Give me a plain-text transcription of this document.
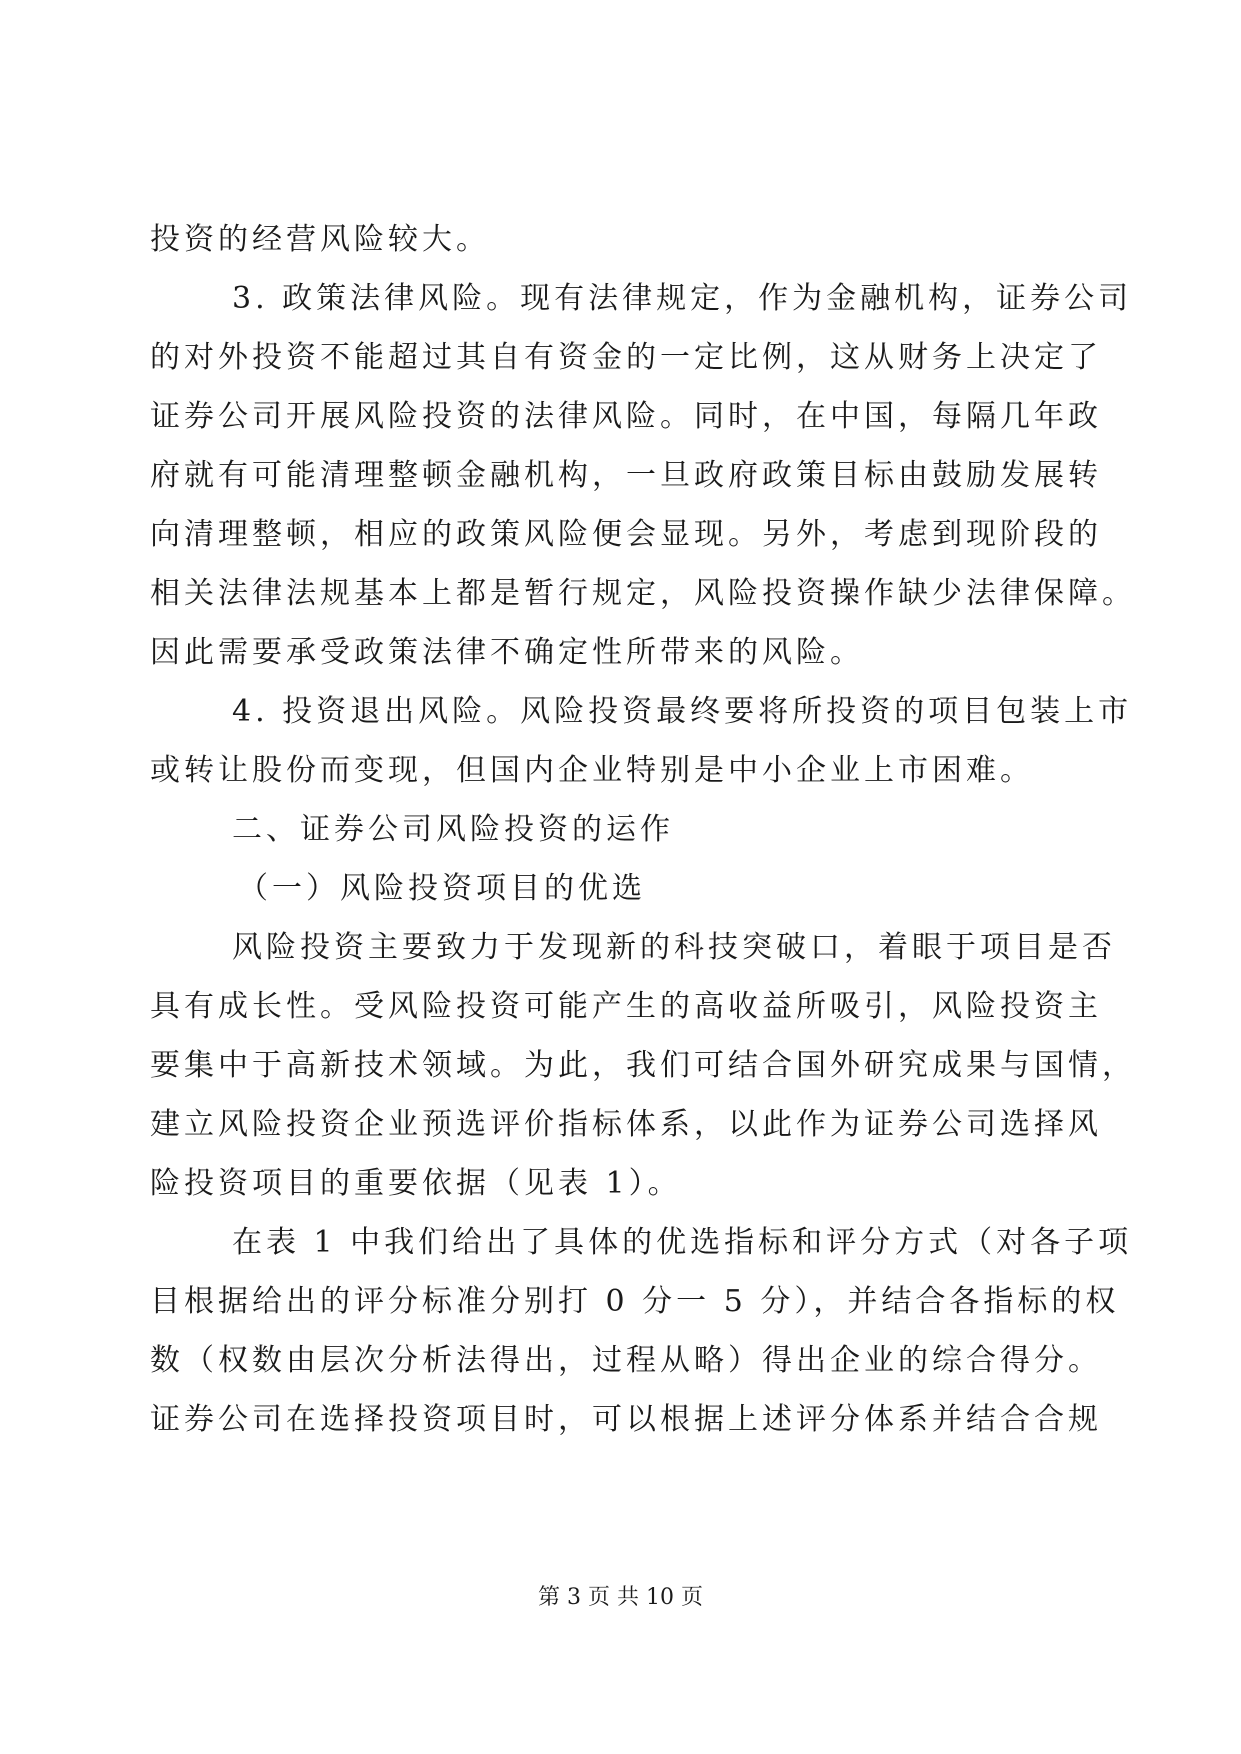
投资的经营风险较大。
3. 政策法律风险。现有法律规定，作为金融机构，证券公司
的对外投资不能超过其自有资金的一定比例，这从财务上决定了
证券公司开展风险投资的法律风险。同时，在中国，每隔几年政
府就有可能清理整顿金融机构，一旦政府政策目标由鼓励发展转
向清理整顿，相应的政策风险便会显现。另外，考虑到现阶段的
相关法律法规基本上都是暂行规定，风险投资操作缺少法律保障。
因此需要承受政策法律不确定性所带来的风险。
4. 投资退出风险。风险投资最终要将所投资的项目包装上市
或转让股份而变现，但国内企业特别是中小企业上市困难。
二、证券公司风险投资的运作
（一）风险投资项目的优选
风险投资主要致力于发现新的科技突破口，着眼于项目是否
具有成长性。受风险投资可能产生的高收益所吸引，风险投资主
要集中于高新技术领域。为此，我们可结合国外研究成果与国情，
建立风险投资企业预选评价指标体系，以此作为证券公司选择风
险投资项目的重要依据（见表 1）。
在表 1 中我们给出了具体的优选指标和评分方式（对各子项
目根据给出的评分标准分别打 0 分一 5 分），并结合各指标的权
数（权数由层次分析法得出，过程从略）得出企业的综合得分。
证券公司在选择投资项目时，可以根据上述评分体系并结合合规
第 3 页 共 10 页
